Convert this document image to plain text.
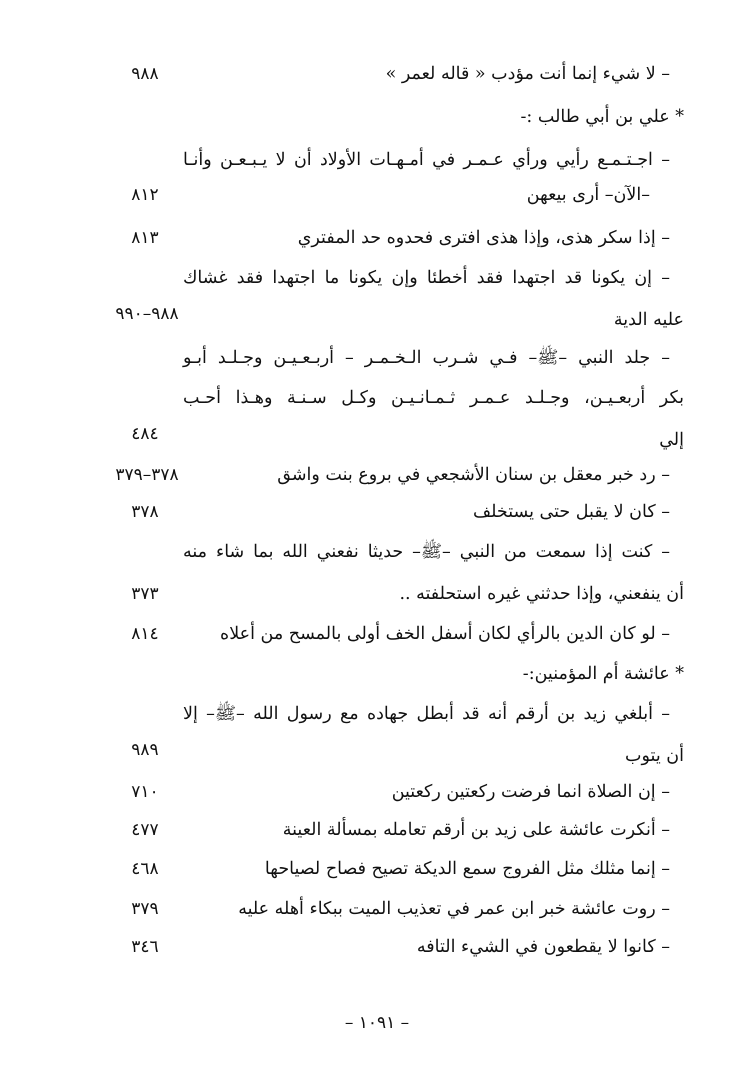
– لا شيء إنما أنت مؤدب « قاله لعمر »
٩٨٨
* علي بن أبي طالب :-
– اجـتـمـع رأيي ورأي عـمـر في أمـهـات الأولاد أن لا يـبـعـن وأنـا
–الآن– أرى بيعهن
٨١٢
– إذا سكر هذى، وإذا هذى افترى فحدوه حد المفتري
٨١٣
– إن يكونا قد اجتهدا فقد أخطئا وإن يكونا ما اجتهدا فقد غشاك
عليه الدية
٩٨٨–٩٩٠
– جلد النبي –ﷺ– فـي شـرب الـخـمـر – أربـعـيـن وجـلـد أبـو
بكر أربعـيـن، وجـلـد عـمـر ثـمـانـيـن وكـل سـنـة وهـذا أحـب
إلي
٤٨٤
– رد خبر معقل بن سنان الأشجعي في بروع بنت واشق
٣٧٨–٣٧٩
– كان لا يقبل حتى يستخلف
٣٧٨
– كنت إذا سمعت من النبي –ﷺ– حديثا نفعني الله بما شاء منه
أن ينفعني، وإذا حدثني غيره استحلفته ..
٣٧٣
– لو كان الدين بالرأي لكان أسفل الخف أولى بالمسح من أعلاه
٨١٤
* عائشة أم المؤمنين:-
– أبلغي زيد بن أرقم أنه قد أبطل جهاده مع رسول الله –ﷺ– إلا
أن يتوب
٩٨٩
– إن الصلاة انما فرضت ركعتين ركعتين
٧١٠
– أنكرت عائشة على زيد بن أرقم تعامله بمسألة العينة
٤٧٧
– إنما مثلك مثل الفروج سمع الديكة تصيح فصاح لصياحها
٤٦٨
– روت عائشة خبر ابن عمر في تعذيب الميت ببكاء أهله عليه
٣٧٩
– كانوا لا يقطعون في الشيء التافه
٣٤٦
– ١٠٩١ –
